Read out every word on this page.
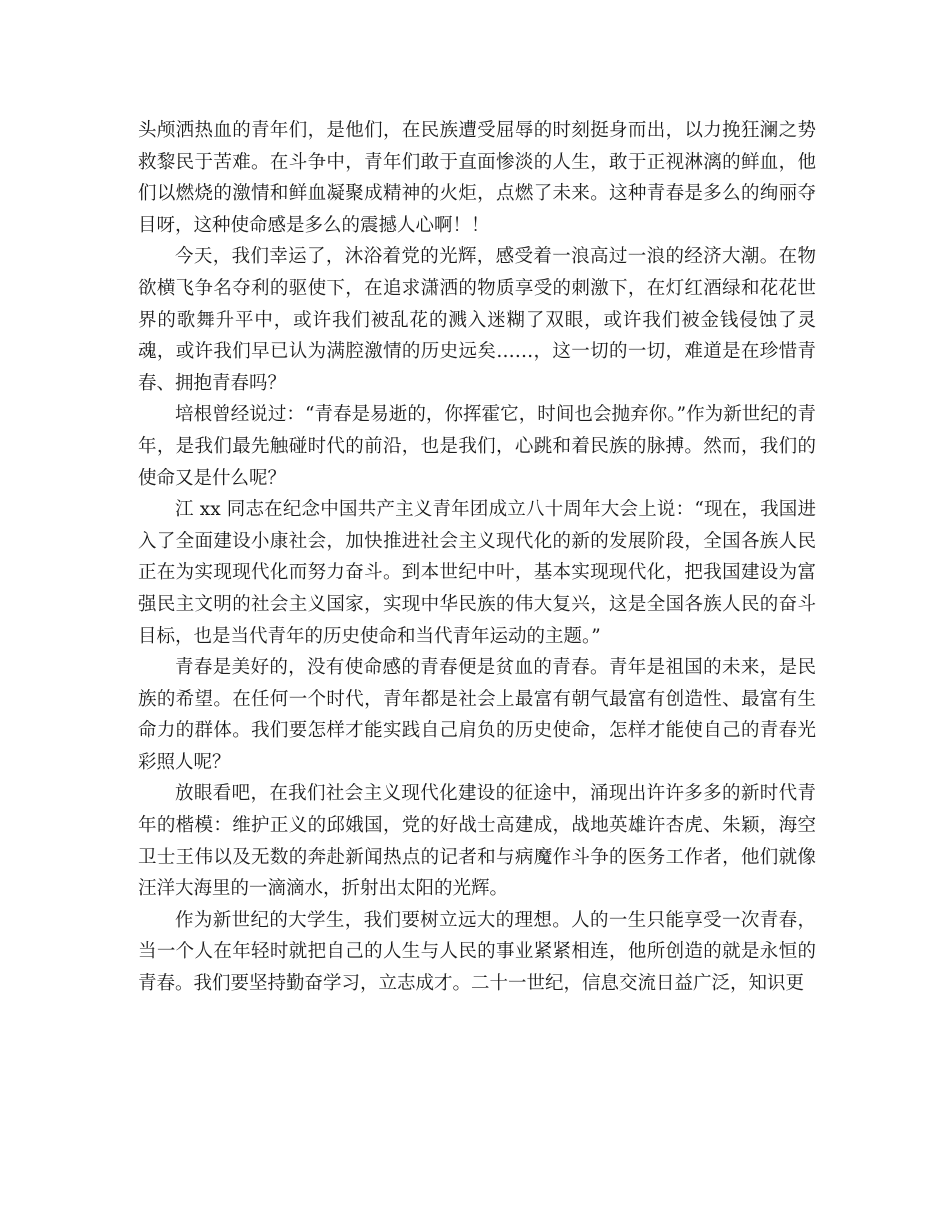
头颅洒热血的青年们，是他们，在民族遭受屈辱的时刻挺身而出，以力挽狂澜之势救黎民于苦难。在斗争中，青年们敢于直面惨淡的人生，敢于正视淋漓的鲜血，他们以燃烧的激情和鲜血凝聚成精神的火炬，点燃了未来。这种青春是多么的绚丽夺目呀，这种使命感是多么的震撼人心啊！！

今天，我们幸运了，沐浴着党的光辉，感受着一浪高过一浪的经济大潮。在物欲横飞争名夺利的驱使下，在追求潇洒的物质享受的刺激下，在灯红酒绿和花花世界的歌舞升平中，或许我们被乱花的溅入迷糊了双眼，或许我们被金钱侵蚀了灵魂，或许我们早已认为满腔激情的历史远矣……，这一切的一切，难道是在珍惜青春、拥抱青春吗？

培根曾经说过：“青春是易逝的，你挥霍它，时间也会抛弃你。”作为新世纪的青年，是我们最先触碰时代的前沿，也是我们，心跳和着民族的脉搏。然而，我们的使命又是什么呢？

江 xx 同志在纪念中国共产主义青年团成立八十周年大会上说：“现在，我国进入了全面建设小康社会，加快推进社会主义现代化的新的发展阶段，全国各族人民正在为实现现代化而努力奋斗。到本世纪中叶，基本实现现代化，把我国建设为富强民主文明的社会主义国家，实现中华民族的伟大复兴，这是全国各族人民的奋斗目标，也是当代青年的历史使命和当代青年运动的主题。”

青春是美好的，没有使命感的青春便是贫血的青春。青年是祖国的未来，是民族的希望。在任何一个时代，青年都是社会上最富有朝气最富有创造性、最富有生命力的群体。我们要怎样才能实践自己肩负的历史使命，怎样才能使自己的青春光彩照人呢？

放眼看吧，在我们社会主义现代化建设的征途中，涌现出许许多多的新时代青年的楷模：维护正义的邱娥国，党的好战士高建成，战地英雄许杏虎、朱颖，海空卫士王伟以及无数的奔赴新闻热点的记者和与病魔作斗争的医务工作者，他们就像汪洋大海里的一滴滴水，折射出太阳的光辉。

作为新世纪的大学生，我们要树立远大的理想。人的一生只能享受一次青春，当一个人在年轻时就把自己的人生与人民的事业紧紧相连，他所创造的就是永恒的青春。我们要坚持勤奋学习，立志成才。二十一世纪，信息交流日益广泛，知识更
